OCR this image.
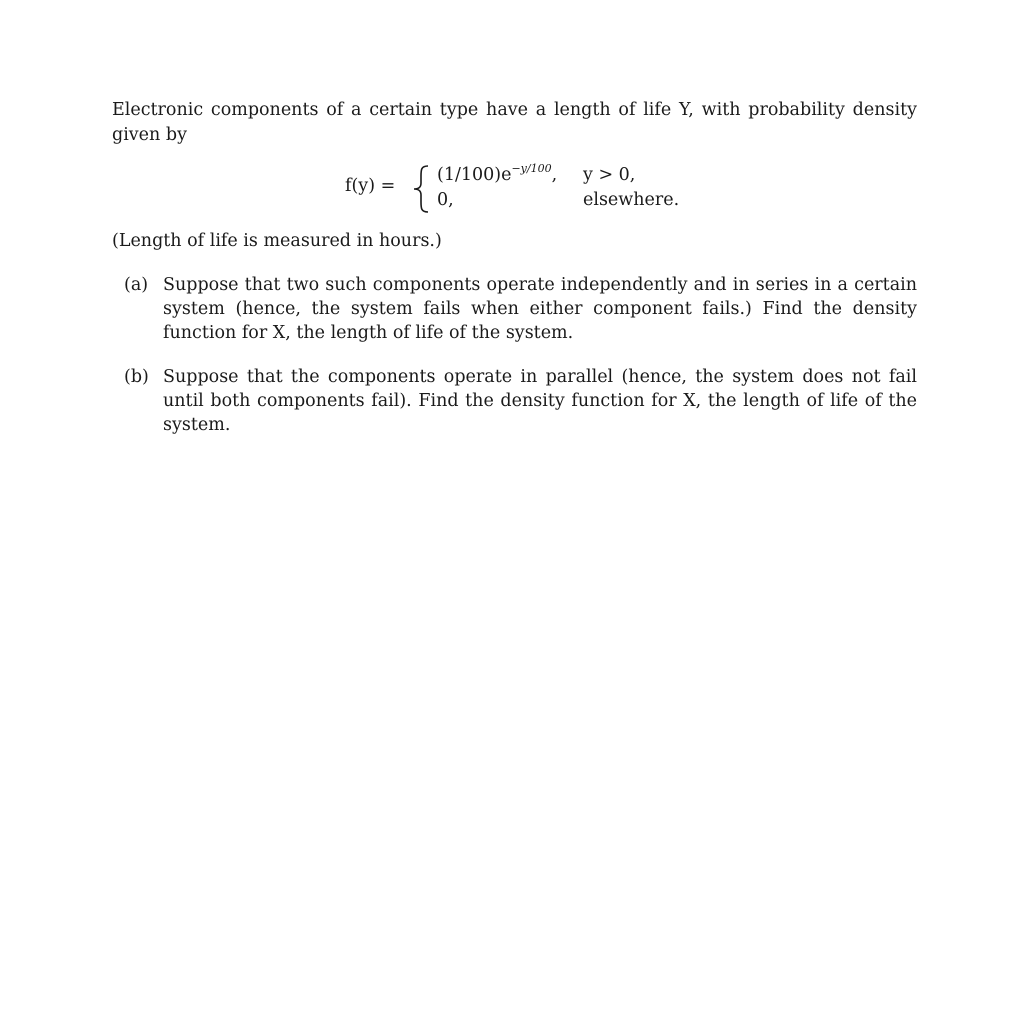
Electronic components of a certain type have a length of life Y, with probability density
given by
f(y) =
$(1/100)e^{-y/100}$, y > 0,
0,	elsewhere.
(Length of life is measured in hours.)
(a) Suppose that two such components operate independently and in series in a certain system (hence, the system fails when either component fails.) Find the density function for X, the length of life of the system.
(b) Suppose that the components operate in parallel (hence, the system does not fail until both components fail). Find the density function for X, the length of life of the system.
